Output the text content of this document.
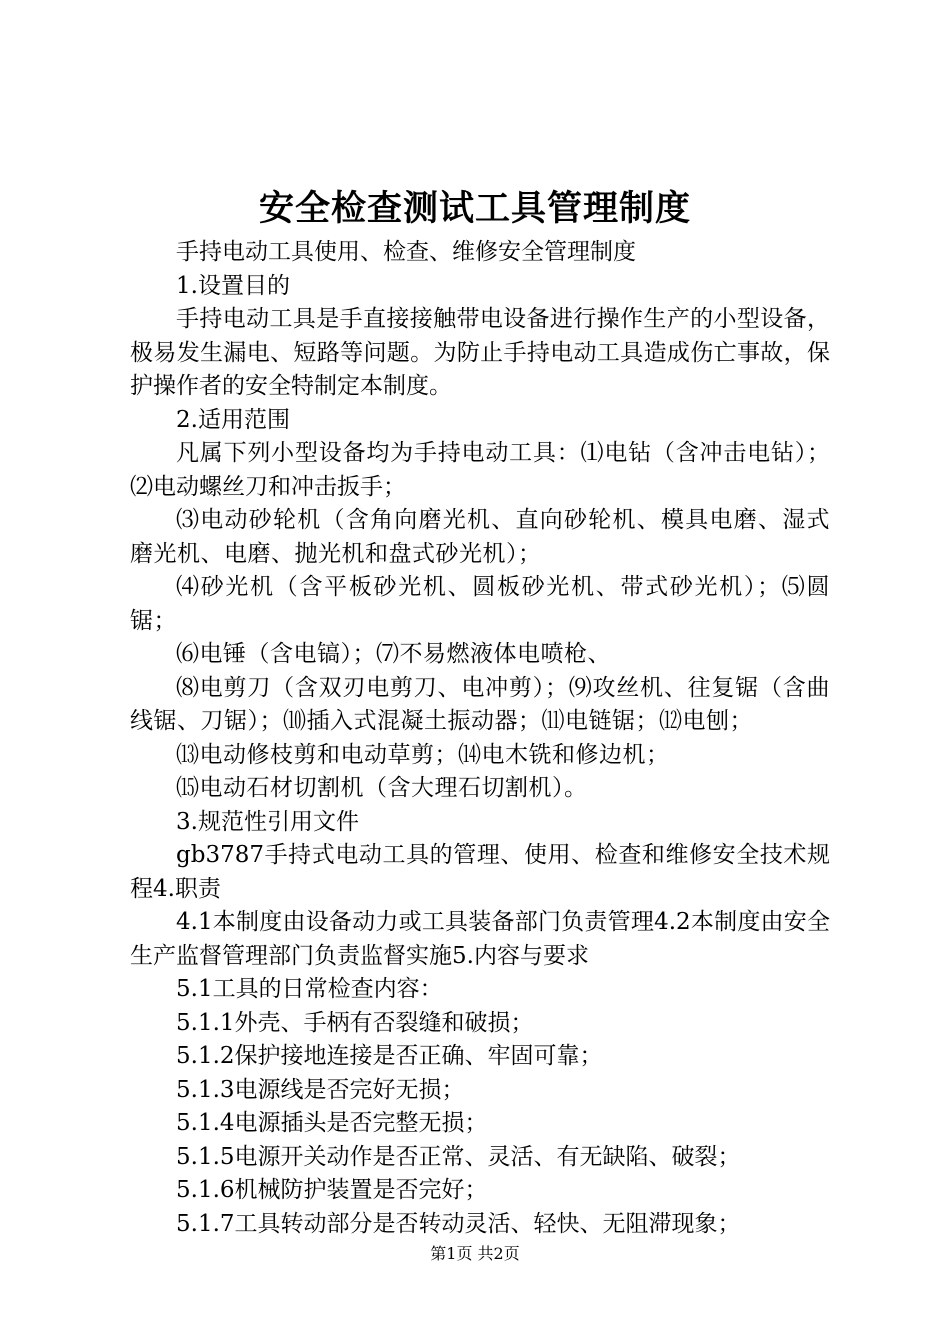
安全检查测试工具管理制度

手持电动工具使用、检查、维修安全管理制度

1.设置目的

手持电动工具是手直接接触带电设备进行操作生产的小型设备，极易发生漏电、短路等问题。为防止手持电动工具造成伤亡事故，保护操作者的安全特制定本制度。

2.适用范围

凡属下列小型设备均为手持电动工具：⑴电钻（含冲击电钻）；⑵电动螺丝刀和冲击扳手；

⑶电动砂轮机（含角向磨光机、直向砂轮机、模具电磨、湿式磨光机、电磨、抛光机和盘式砂光机）；

⑷砂光机（含平板砂光机、圆板砂光机、带式砂光机）；⑸圆锯；

⑹电锤（含电镐）；⑺不易燃液体电喷枪、

⑻电剪刀（含双刃电剪刀、电冲剪）；⑼攻丝机、往复锯（含曲线锯、刀锯）；⑽插入式混凝土振动器；⑾电链锯；⑿电刨；

⒀电动修枝剪和电动草剪；⒁电木铣和修边机；

⒂电动石材切割机（含大理石切割机）。

3.规范性引用文件

gb3787手持式电动工具的管理、使用、检查和维修安全技术规程4.职责

4.1本制度由设备动力或工具装备部门负责管理4.2本制度由安全生产监督管理部门负责监督实施5.内容与要求

5.1工具的日常检查内容：

5.1.1外壳、手柄有否裂缝和破损；

5.1.2保护接地连接是否正确、牢固可靠；

5.1.3电源线是否完好无损；

5.1.4电源插头是否完整无损；

5.1.5电源开关动作是否正常、灵活、有无缺陷、破裂；

5.1.6机械防护装置是否完好；

5.1.7工具转动部分是否转动灵活、轻快、无阻滞现象；

第1页 共2页
